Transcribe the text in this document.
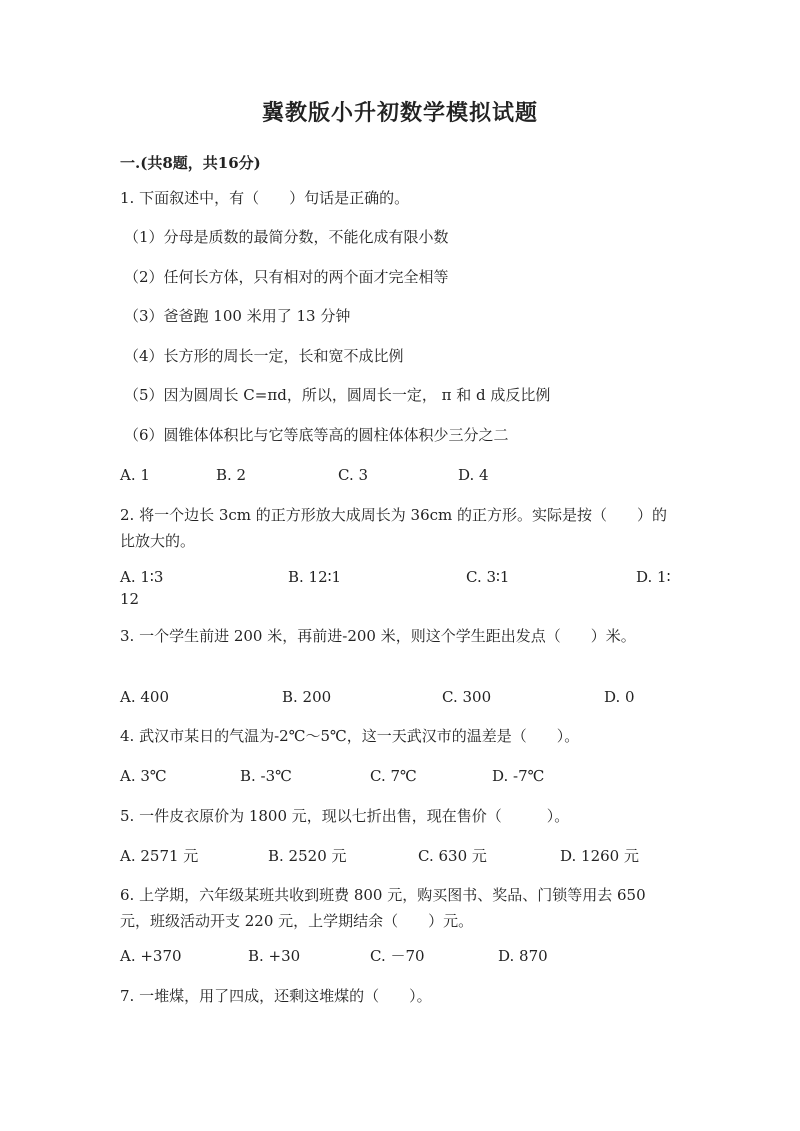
冀教版小升初数学模拟试题
一.(共8题，共16分)
1. 下面叙述中，有（　　）句话是正确的。
（1）分母是质数的最简分数，不能化成有限小数
（2）任何长方体，只有相对的两个面才完全相等
（3）爸爸跑 100 米用了 13 分钟
（4）长方形的周长一定，长和宽不成比例
（5）因为圆周长 C=πd，所以，圆周长一定， π 和 d 成反比例
（6）圆锥体体积比与它等底等高的圆柱体体积少三分之二
A. 1	B. 2	C. 3	D. 4
2. 将一个边长 3cm 的正方形放大成周长为 36cm 的正方形。实际是按（　　）的比放大的。
A. 1∶3	B. 12∶1	C. 3∶1	D. 1∶
12
3. 一个学生前进 200 米，再前进-200 米，则这个学生距出发点（　　）米。
A. 400	B. 200	C. 300	D. 0
4. 武汉市某日的气温为-2℃～5℃，这一天武汉市的温差是（　　）。
A. 3℃	B. -3℃	C. 7℃	D. -7℃
5. 一件皮衣原价为 1800 元，现以七折出售，现在售价（　　　）。
A. 2571 元	B. 2520 元	C. 630 元	D. 1260 元
6. 上学期，六年级某班共收到班费 800 元，购买图书、奖品、门锁等用去 650 元，班级活动开支 220 元，上学期结余（　　）元。
A. +370	B. +30	C. －70	D. 870
7. 一堆煤，用了四成，还剩这堆煤的（　　）。
